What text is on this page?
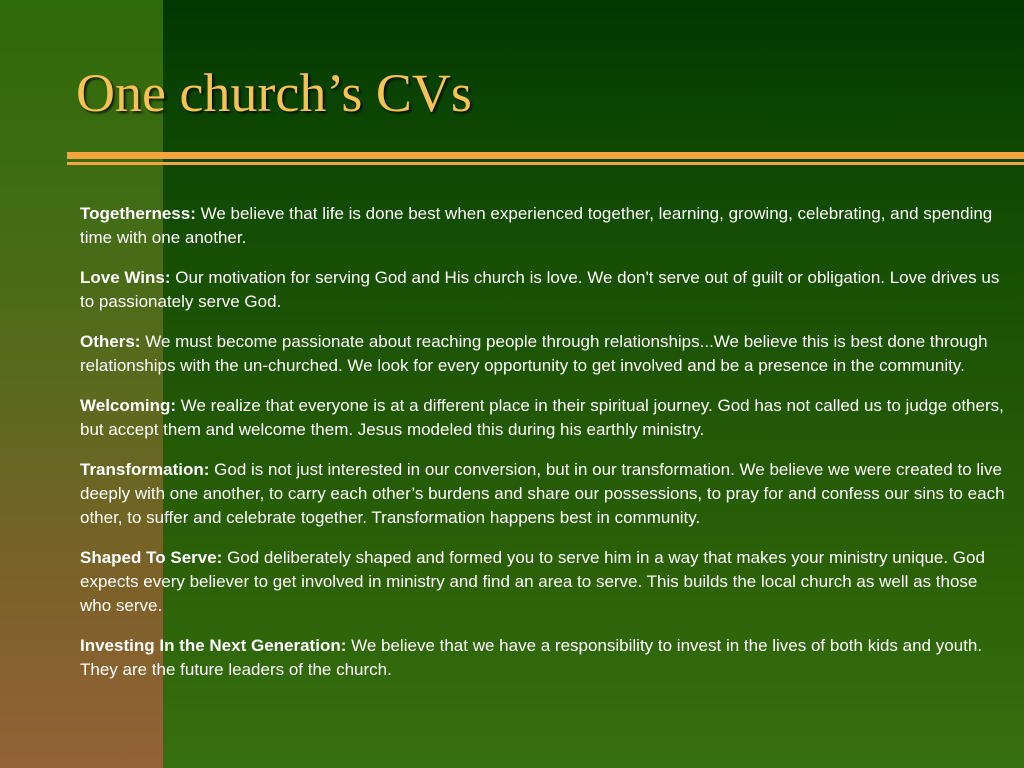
One church’s CVs

Togetherness: We believe that life is done best when experienced together, learning, growing, celebrating, and spending time with one another.

Love Wins: Our motivation for serving God and His church is love. We don't serve out of guilt or obligation. Love drives us to passionately serve God.

Others: We must become passionate about reaching people through relationships...We believe this is best done through relationships with the un-churched. We look for every opportunity to get involved and be a presence in the community.

Welcoming: We realize that everyone is at a different place in their spiritual journey. God has not called us to judge others, but accept them and welcome them. Jesus modeled this during his earthly ministry.

Transformation: God is not just interested in our conversion, but in our transformation. We believe we were created to live deeply with one another, to carry each other’s burdens and share our possessions, to pray for and confess our sins to each other, to suffer and celebrate together. Transformation happens best in community.

Shaped To Serve: God deliberately shaped and formed you to serve him in a way that makes your ministry unique. God expects every believer to get involved in ministry and find an area to serve. This builds the local church as well as those who serve.

Investing In the Next Generation: We believe that we have a responsibility to invest in the lives of both kids and youth. They are the future leaders of the church.
